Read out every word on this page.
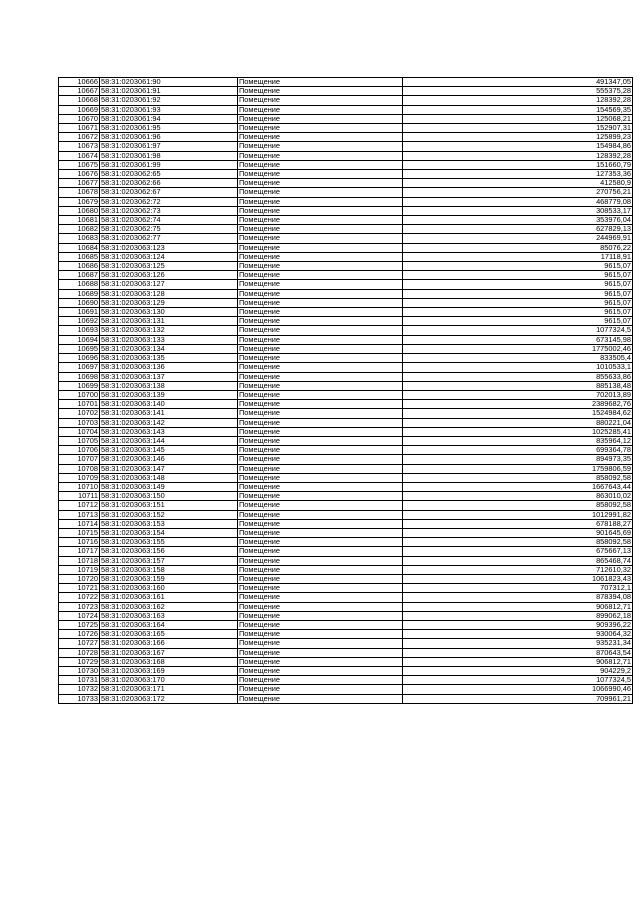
10666	58:31:0203061:90	Помещение	491347,05
10667	58:31:0203061:91	Помещение	555375,28
10668	58:31:0203061:92	Помещение	128392,28
10669	58:31:0203061:93	Помещение	154569,35
10670	58:31:0203061:94	Помещение	125068,21
10671	58:31:0203061:95	Помещение	152907,31
10672	58:31:0203061:96	Помещение	125899,23
10673	58:31:0203061:97	Помещение	154984,86
10674	58:31:0203061:98	Помещение	128392,28
10675	58:31:0203061:99	Помещение	151660,79
10676	58:31:0203062:65	Помещение	127353,36
10677	58:31:0203062:66	Помещение	412580,9
10678	58:31:0203062:67	Помещение	270756,21
10679	58:31:0203062:72	Помещение	468779,08
10680	58:31:0203062:73	Помещение	308533,17
10681	58:31:0203062:74	Помещение	353976,04
10682	58:31:0203062:75	Помещение	627829,13
10683	58:31:0203062:77	Помещение	244969,91
10684	58:31:0203063:123	Помещение	85076,22
10685	58:31:0203063:124	Помещение	17118,91
10686	58:31:0203063:125	Помещение	9615,07
10687	58:31:0203063:126	Помещение	9615,07
10688	58:31:0203063:127	Помещение	9615,07
10689	58:31:0203063:128	Помещение	9615,07
10690	58:31:0203063:129	Помещение	9615,07
10691	58:31:0203063:130	Помещение	9615,07
10692	58:31:0203063:131	Помещение	9615,07
10693	58:31:0203063:132	Помещение	1077324,5
10694	58:31:0203063:133	Помещение	673145,98
10695	58:31:0203063:134	Помещение	1775002,46
10696	58:31:0203063:135	Помещение	833505,4
10697	58:31:0203063:136	Помещение	1010533,1
10698	58:31:0203063:137	Помещение	855633,86
10699	58:31:0203063:138	Помещение	885138,48
10700	58:31:0203063:139	Помещение	702013,89
10701	58:31:0203063:140	Помещение	2389682,76
10702	58:31:0203063:141	Помещение	1524984,62
10703	58:31:0203063:142	Помещение	880221,04
10704	58:31:0203063:143	Помещение	1025285,41
10705	58:31:0203063:144	Помещение	835964,12
10706	58:31:0203063:145	Помещение	699364,78
10707	58:31:0203063:146	Помещение	894973,35
10708	58:31:0203063:147	Помещение	1759806,59
10709	58:31:0203063:148	Помещение	858092,58
10710	58:31:0203063:149	Помещение	1667643,44
10711	58:31:0203063:150	Помещение	863010,02
10712	58:31:0203063:151	Помещение	858092,58
10713	58:31:0203063:152	Помещение	1012991,82
10714	58:31:0203063:153	Помещение	678188,27
10715	58:31:0203063:154	Помещение	901645,69
10716	58:31:0203063:155	Помещение	858092,58
10717	58:31:0203063:156	Помещение	675667,13
10718	58:31:0203063:157	Помещение	865468,74
10719	58:31:0203063:158	Помещение	712610,32
10720	58:31:0203063:159	Помещение	1061823,43
10721	58:31:0203063:160	Помещение	707312,1
10722	58:31:0203063:161	Помещение	878394,08
10723	58:31:0203063:162	Помещение	906812,71
10724	58:31:0203063:163	Помещение	899062,18
10725	58:31:0203063:164	Помещение	909396,22
10726	58:31:0203063:165	Помещение	930064,32
10727	58:31:0203063:166	Помещение	935231,34
10728	58:31:0203063:167	Помещение	870643,54
10729	58:31:0203063:168	Помещение	906812,71
10730	58:31:0203063:169	Помещение	904229,2
10731	58:31:0203063:170	Помещение	1077324,5
10732	58:31:0203063:171	Помещение	1066990,46
10733	58:31:0203063:172	Помещение	709961,21
